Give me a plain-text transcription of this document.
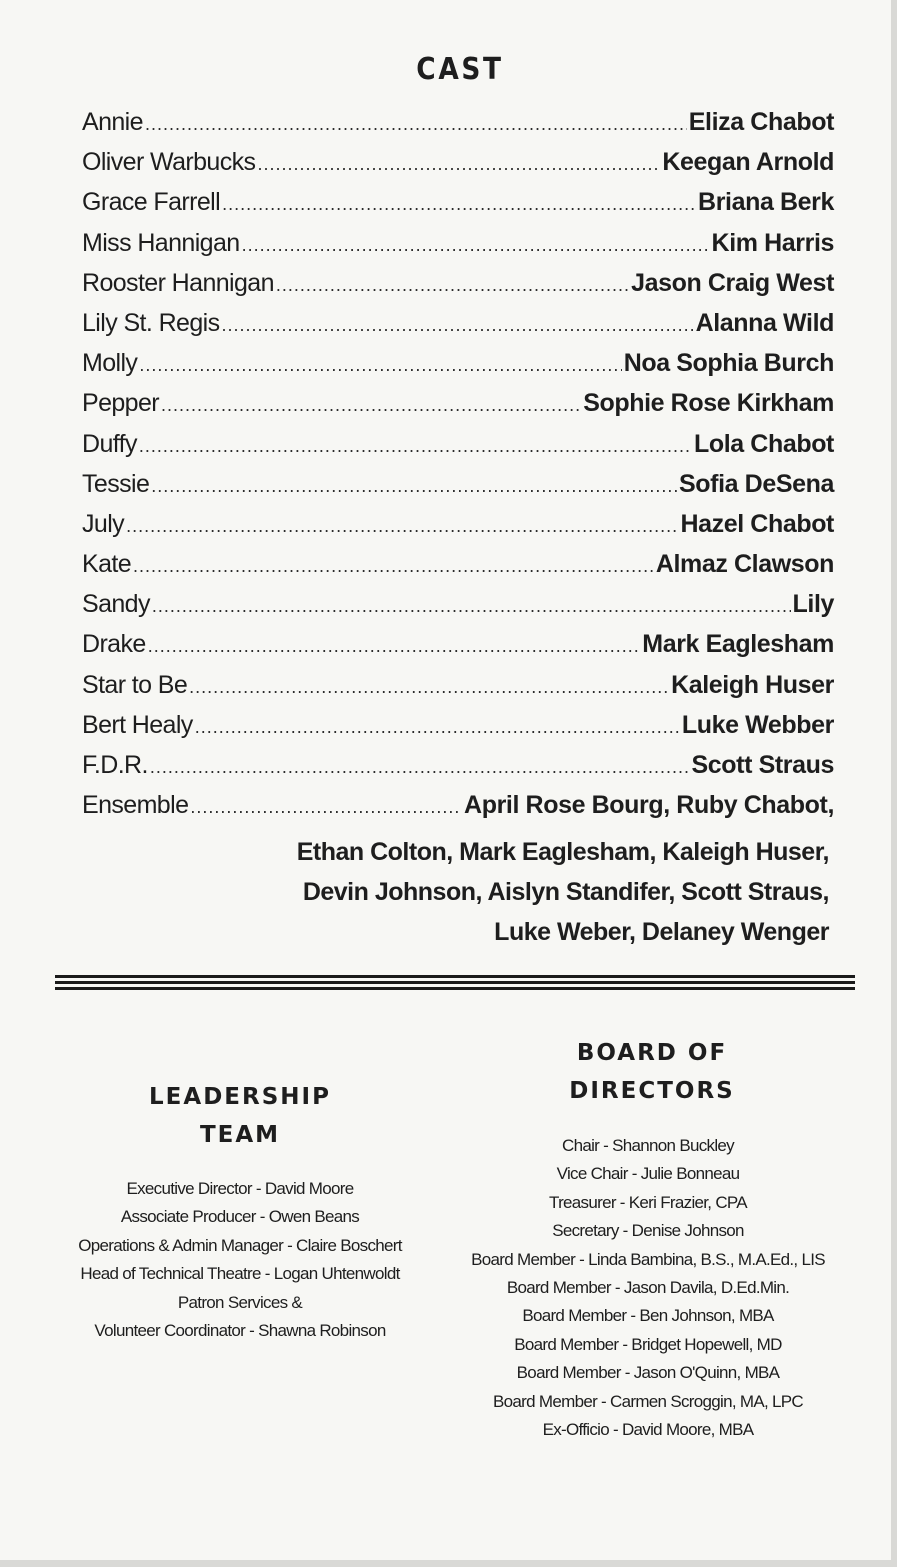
CAST
Annie .....	Eliza Chabot
Oliver Warbucks .....	Keegan Arnold
Grace Farrell .....	Briana Berk
Miss Hannigan .....	Kim Harris
Rooster Hannigan .....	Jason Craig West
Lily St. Regis .....	Alanna Wild
Molly .....	Noa Sophia Burch
Pepper .....	Sophie Rose Kirkham
Duffy .....	Lola Chabot
Tessie .....	Sofia DeSena
July .....	Hazel Chabot
Kate .....	Almaz Clawson
Sandy .....	Lily
Drake .....	Mark Eaglesham
Star to Be .....	Kaleigh Huser
Bert Healy .....	Luke Webber
F.D.R. .....	Scott Straus
Ensemble .....	April Rose Bourg, Ruby Chabot,
Ethan Colton, Mark Eaglesham, Kaleigh Huser,
Devin Johnson, Aislyn Standifer, Scott Straus,
Luke Weber, Delaney Wenger
LEADERSHIP
TEAM
Executive Director - David Moore
Associate Producer - Owen Beans
Operations & Admin Manager - Claire Boschert
Head of Technical Theatre - Logan Uhtenwoldt
Patron Services &
Volunteer Coordinator - Shawna Robinson
BOARD OF
DIRECTORS
Chair - Shannon Buckley
Vice Chair - Julie Bonneau
Treasurer - Keri Frazier, CPA
Secretary - Denise Johnson
Board Member - Linda Bambina, B.S., M.A.Ed., LIS
Board Member - Jason Davila, D.Ed.Min.
Board Member - Ben Johnson, MBA
Board Member - Bridget Hopewell, MD
Board Member - Jason O'Quinn, MBA
Board Member - Carmen Scroggin, MA, LPC
Ex-Officio - David Moore, MBA
